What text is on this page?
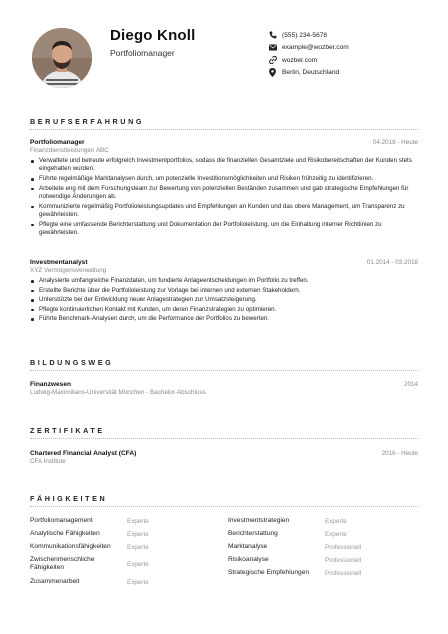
Diego Knoll
Portfoliomanager
(555) 234-5678
example@wozber.com
wozber.com
Berlin, Deutschland
BERUFSERFAHRUNG
Portfoliomanager	04.2018 - Heute
Finanzdienstleistungen ABC
Verwaltete und betreute erfolgreich Investmentportfolios, sodass die finanziellen Gesamtziele und Risikobereitschaften der Kunden stets eingehalten wurden.
Führte regelmäßige Marktanalysen durch, um potenzielle Investitionsmöglichkeiten und Risiken frühzeitig zu identifizieren.
Arbeitete eng mit dem Forschungsteam zur Bewertung von potenziellen Beständen zusammen und gab strategische Empfehlungen für notwendige Änderungen ab.
Kommunizierte regelmäßig Portfolioleistungsupdates und Empfehlungen an Kunden und das obere Management, um Transparenz zu gewährleisten.
Pflegte eine umfassende Berichterstattung und Dokumentation der Portfolioleistung, um die Einhaltung interner Richtlinien zu gewährleisten.
Investmentanalyst	01.2014 - 03.2018
XYZ Vermögensverwaltung
Analysierte umfangreiche Finanzdaten, um fundierte Anlageentscheidungen im Portfolio zu treffen.
Erstellte Berichte über die Portfolioleistung zur Vorlage bei internen und externen Stakeholdern.
Unterstützte bei der Entwicklung neuer Anlagestrategien zur Umsatzsteigerung.
Pflegte kontinuierlichen Kontakt mit Kunden, um deren Finanzstrategien zu optimieren.
Führte Benchmark-Analysen durch, um die Performance der Portfolios zu bewerten.
BILDUNGSWEG
Finanzwesen	2014
Ludwig-Maximilians-Universität München - Bachelor-Abschluss
ZERTIFIKATE
Chartered Financial Analyst (CFA)	2016 - Heute
CFA Institute
FÄHIGKEITEN
Portfoliomanagement	Experte
Analytische Fähigkeiten	Experte
Kommunikationsfähigkeiten	Experte
Zwischenmenschliche Fähigkeiten	Experte
Zusammenarbeit	Experte
Investmentstrategien	Experte
Berichterstattung	Experte
Marktanalyse	Professionell
Risikoanalyse	Professionell
Strategische Empfehlungen	Professionell
